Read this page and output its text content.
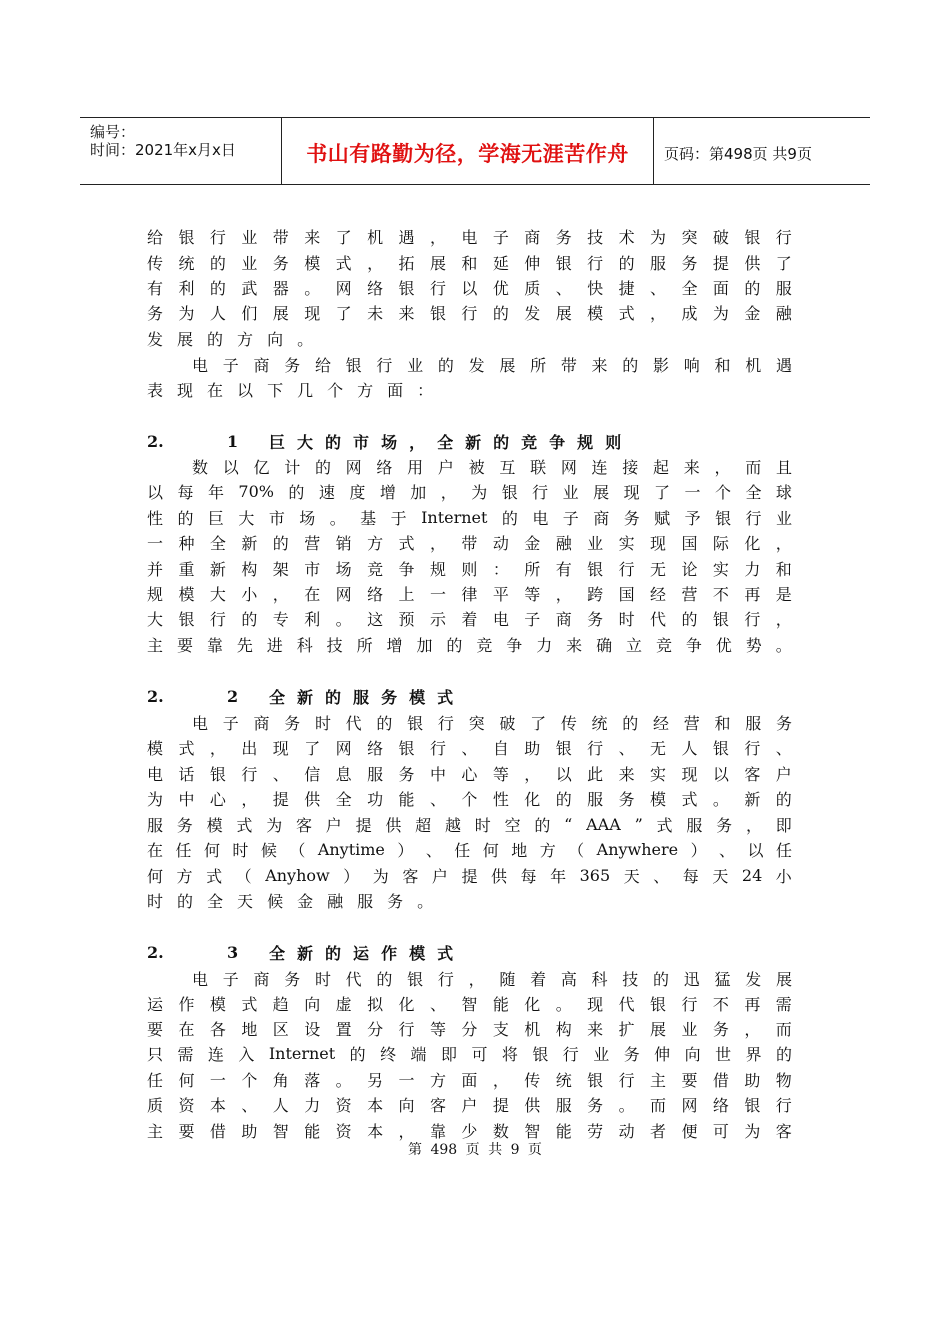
编号：
时间：2021年x月x日	书山有路勤为径，学海无涯苦作舟 页码：第498页 共9页
给 银 行 业 带 来 了 机 遇 ， 电 子 商 务 技 术 为 突 破 银 行
传 统 的 业 务 模 式 ， 拓 展 和 延 伸 银 行 的 服 务 提 供 了
有 利 的 武 器 。 网 络 银 行 以 优 质 、 快 捷 、 全 面 的 服
务 为 人 们 展 现 了 未 来 银 行 的 发 展 模 式 ， 成 为 金 融
发 展 的 方 向 。
电 子 商 务 给 银 行 业 的 发 展 所 带 来 的 影 响 和 机 遇
表 现 在 以 下 几 个 方 面 ：
2.	1	巨 大 的 市 场 ， 全 新 的 竞 争 规 则
数 以 亿 计 的 网 络 用 户 被 互 联 网 连 接 起 来 ， 而 且
以 每 年 70% 的 速 度 增 加 ， 为 银 行 业 展 现 了 一 个 全 球
性 的 巨 大 市 场 。 基 于 Internet 的 电 子 商 务 赋 予 银 行 业
一 种 全 新 的 营 销 方 式 ， 带 动 金 融 业 实 现 国 际 化 ，
并 重 新 构 架 市 场 竞 争 规 则 ： 所 有 银 行 无 论 实 力 和
规 模 大 小 ， 在 网 络 上 一 律 平 等 ， 跨 国 经 营 不 再 是
大 银 行 的 专 利 。 这 预 示 着 电 子 商 务 时 代 的 银 行 ，
主 要 靠 先 进 科 技 所 增 加 的 竞 争 力 来 确 立 竞 争 优 势 。
2.	2	全 新 的 服 务 模 式
电 子 商 务 时 代 的 银 行 突 破 了 传 统 的 经 营 和 服 务
模 式 ， 出 现 了 网 络 银 行 、 自 助 银 行 、 无 人 银 行 、
电 话 银 行 、 信 息 服 务 中 心 等 ， 以 此 来 实 现 以 客 户
为 中 心 ， 提 供 全 功 能 、 个 性 化 的 服 务 模 式 。 新 的
服 务 模 式 为 客 户 提 供 超 越 时 空 的 “ AAA ” 式 服 务 ， 即
在 任 何 时 候 （ Anytime ） 、 任 何 地 方 （ Anywhere ） 、 以 任
何 方 式 （ Anyhow ） 为 客 户 提 供 每 年 365 天 、 每 天 24 小
时 的 全 天 候 金 融 服 务 。
2.	3	全 新 的 运 作 模 式
电 子 商 务 时 代 的 银 行 ， 随 着 高 科 技 的 迅 猛 发 展
运 作 模 式 趋 向 虚 拟 化 、 智 能 化 。 现 代 银 行 不 再 需
要 在 各 地 区 设 置 分 行 等 分 支 机 构 来 扩 展 业 务 ， 而
只 需 连 入 Internet 的 终 端 即 可 将 银 行 业 务 伸 向 世 界 的
任 何 一 个 角 落 。 另 一 方 面 ， 传 统 银 行 主 要 借 助 物
质 资 本 、 人 力 资 本 向 客 户 提 供 服 务 。 而 网 络 银 行
主 要 借 助 智 能 资 本 ， 靠 少 数 智 能 劳 动 者 便 可 为 客
第 498 页 共 9 页
